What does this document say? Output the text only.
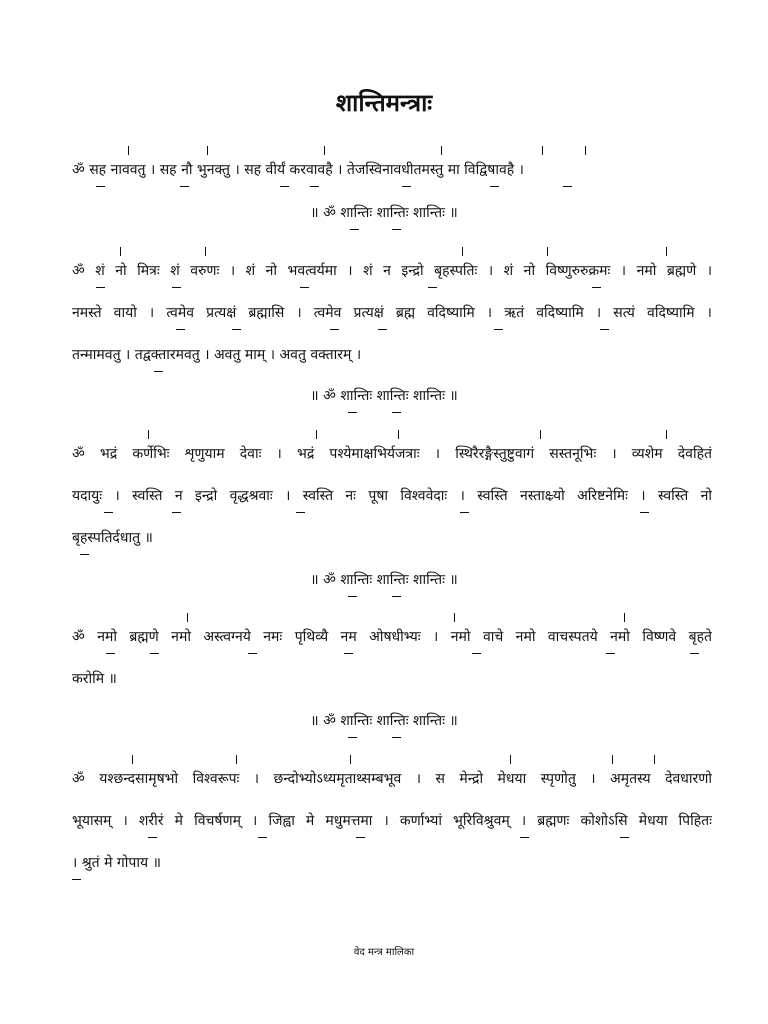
शान्तिमन्त्राः
ॐ सह नाववतु । सह नौ भुनक्तु । सह वीर्यं करवावहै । तेजस्विनावधीतमस्तु मा विद्विषावहै ।
॥ ॐ शान्तिः शान्तिः शान्तिः ॥
ॐ शं नो मित्रः शं वरुणः । शं नो भवत्वर्यमा । शं न इन्द्रो बृहस्पतिः । शं नो विष्णुरुरुक्रमः । नमो ब्रह्मणे ।
नमस्ते वायो । त्वमेव प्रत्यक्षं ब्रह्मासि । त्वमेव प्रत्यक्षं ब्रह्म वदिष्यामि । ऋतं वदिष्यामि । सत्यं वदिष्यामि ।
तन्मामवतु । तद्वक्तारमवतु । अवतु माम् । अवतु वक्तारम् ।
॥ ॐ शान्तिः शान्तिः शान्तिः ॥
ॐ भद्रं कर्णेभिः शृणुयाम देवाः । भद्रं पश्येमाक्षभिर्यजत्राः । स्थिरैरङ्गैस्तुष्टुवागं सस्तनूभिः । व्यशेम देवहितं
यदायुः । स्वस्ति न इन्द्रो वृद्धश्रवाः । स्वस्ति नः पूषा विश्ववेदाः । स्वस्ति नस्ताक्ष्र्यो अरिष्टनेमिः । स्वस्ति नो
बृहस्पतिर्दधातु ॥
॥ ॐ शान्तिः शान्तिः शान्तिः ॥
ॐ नमो ब्रह्मणे नमो अस्त्वग्नये नमः पृथिव्यै नम ओषधीभ्यः । नमो वाचे नमो वाचस्पतये नमो विष्णवे बृहते
करोमि ॥
॥ ॐ शान्तिः शान्तिः शान्तिः ॥
ॐ यश्छन्दसामृषभो विश्वरूपः । छन्दोभ्योऽध्यमृताथ्सम्बभूव । स मेन्द्रो मेधया स्पृणोतु । अमृतस्य देवधारणो
भूयासम् । शरीरं मे विचर्षणम् । जिह्वा मे मधुमत्तमा । कर्णाभ्यां भूरिविश्रुवम् । ब्रह्मणः कोशोऽसि मेधया पिहितः
। श्रुतं मे गोपाय ॥
वेद मन्त्र मालिका
